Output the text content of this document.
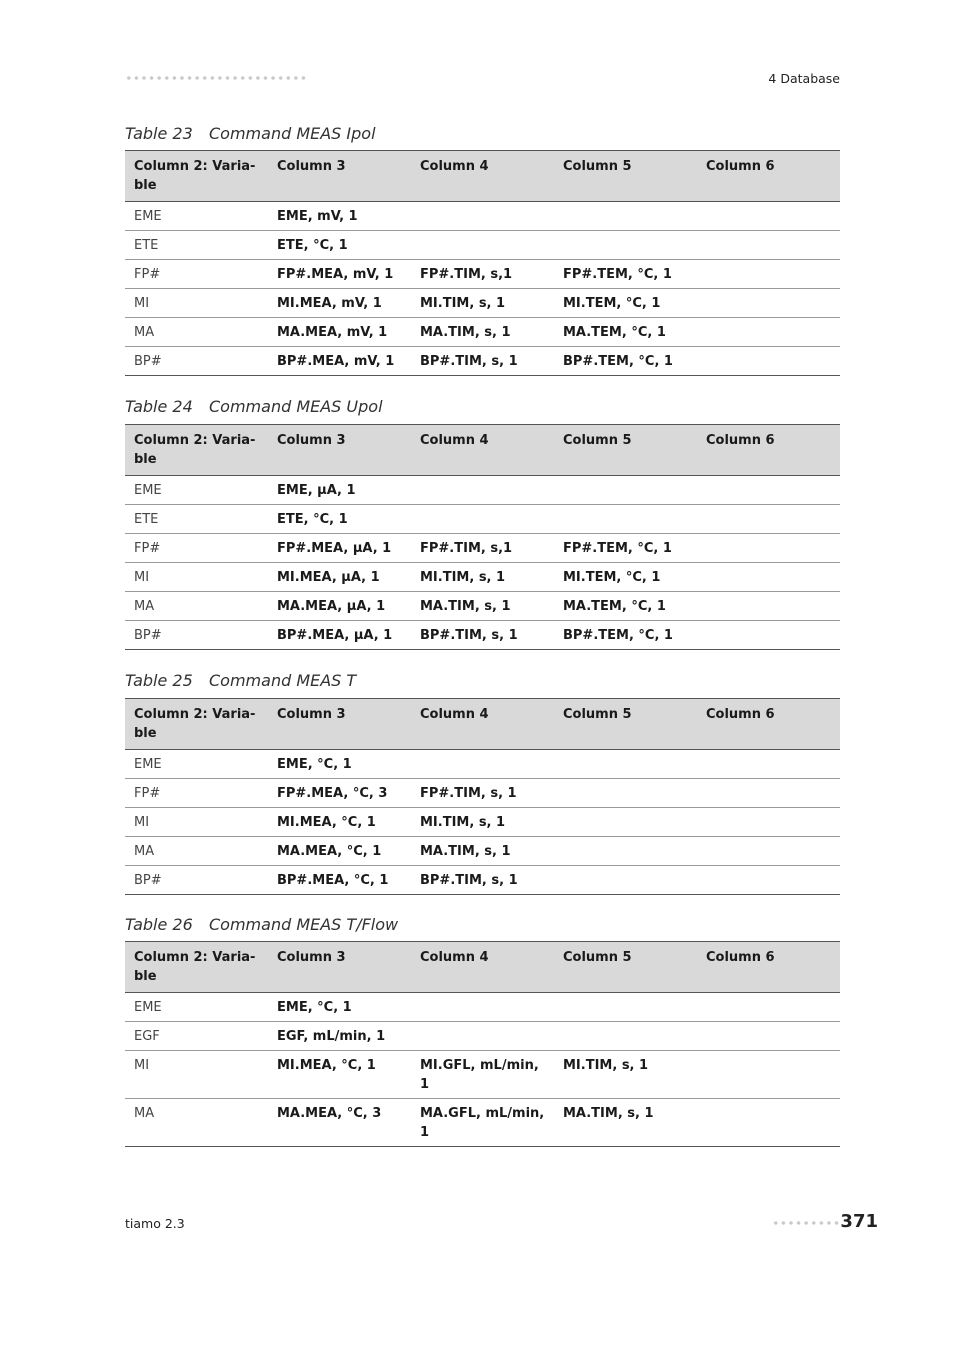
4 Database
Table 23 Command MEAS Ipol
Column 2: Varia-
ble	Column 3	Column 4	Column 5	Column 6
EME	EME, mV, 1			
ETE	ETE, °C, 1			
FP#	FP#.MEA, mV, 1	FP#.TIM, s,1	FP#.TEM, °C, 1	
MI	MI.MEA, mV, 1	MI.TIM, s, 1	MI.TEM, °C, 1	
MA	MA.MEA, mV, 1	MA.TIM, s, 1	MA.TEM, °C, 1	
BP#	BP#.MEA, mV, 1	BP#.TIM, s, 1	BP#.TEM, °C, 1	
Table 24 Command MEAS Upol
Column 2: Varia-
ble	Column 3	Column 4	Column 5	Column 6
EME	EME, µA, 1			
ETE	ETE, °C, 1			
FP#	FP#.MEA, µA, 1	FP#.TIM, s,1	FP#.TEM, °C, 1	
MI	MI.MEA, µA, 1	MI.TIM, s, 1	MI.TEM, °C, 1	
MA	MA.MEA, µA, 1	MA.TIM, s, 1	MA.TEM, °C, 1	
BP#	BP#.MEA, µA, 1	BP#.TIM, s, 1	BP#.TEM, °C, 1	
Table 25 Command MEAS T
Column 2: Varia-
ble	Column 3	Column 4	Column 5	Column 6
EME	EME, °C, 1			
FP#	FP#.MEA, °C, 3	FP#.TIM, s, 1		
MI	MI.MEA, °C, 1	MI.TIM, s, 1		
MA	MA.MEA, °C, 1	MA.TIM, s, 1		
BP#	BP#.MEA, °C, 1	BP#.TIM, s, 1		
Table 26 Command MEAS T/Flow
Column 2: Varia-
ble	Column 3	Column 4	Column 5	Column 6
EME	EME, °C, 1			
EGF	EGF, mL/min, 1			
MI	MI.MEA, °C, 1	MI.GFL, mL/min, 1	MI.TIM, s, 1	
MA	MA.MEA, °C, 3	MA.GFL, mL/min,
1	MA.TIM, s, 1	
tiamo 2.3	371
